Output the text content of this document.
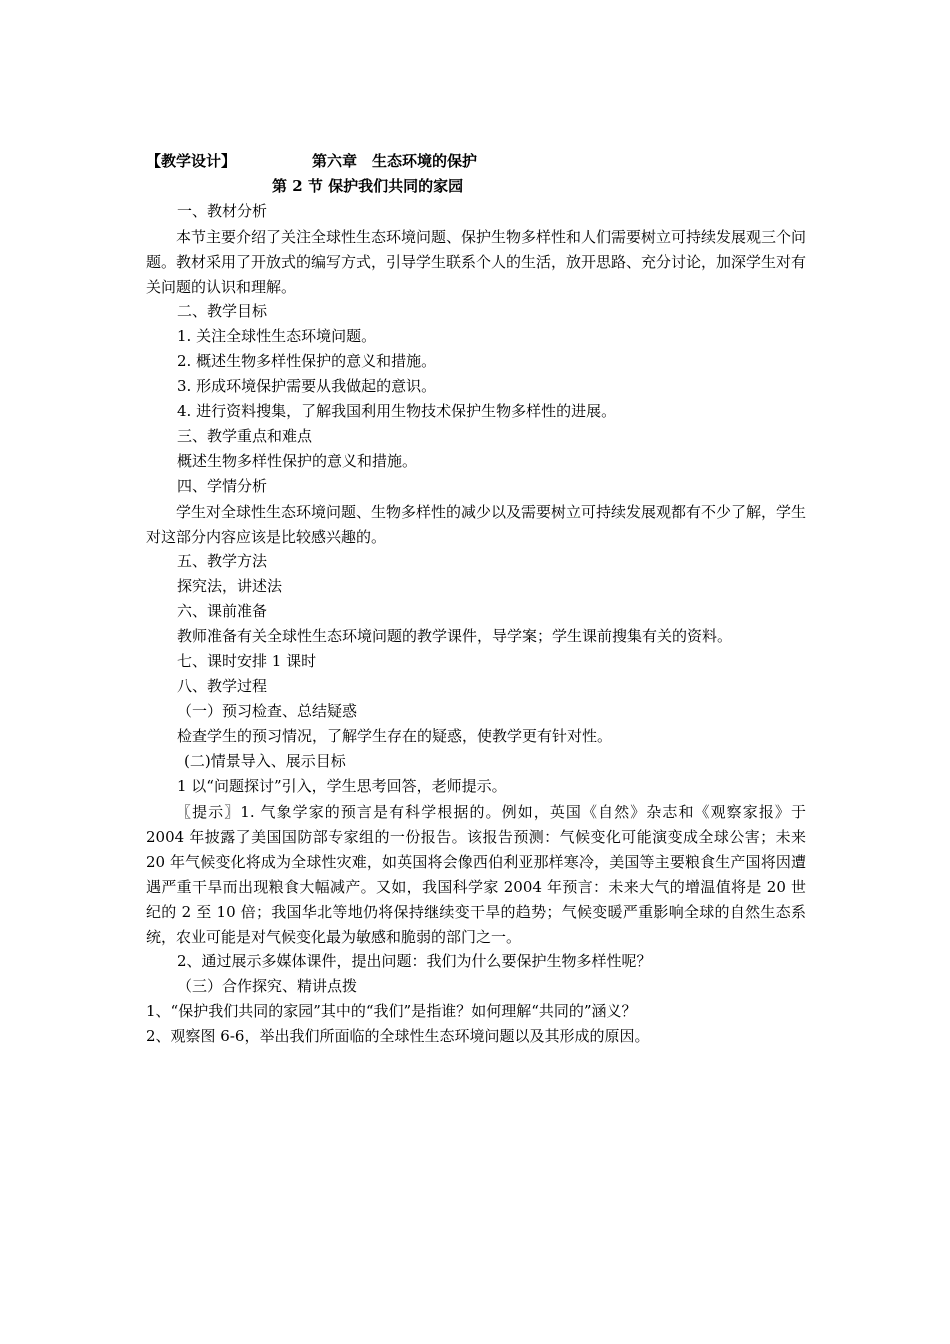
【教学设计】	第六章　生态环境的保护
第 2 节 保护我们共同的家园
一、教材分析
本节主要介绍了关注全球性生态环境问题、保护生物多样性和人们需要树立可持续发展观三个问题。教材采用了开放式的编写方式，引导学生联系个人的生活，放开思路、充分讨论，加深学生对有关问题的认识和理解。
二、教学目标
1. 关注全球性生态环境问题。
2. 概述生物多样性保护的意义和措施。
3. 形成环境保护需要从我做起的意识。
4. 进行资料搜集，了解我国利用生物技术保护生物多样性的进展。
三、教学重点和难点
概述生物多样性保护的意义和措施。
四、学情分析
学生对全球性生态环境问题、生物多样性的减少以及需要树立可持续发展观都有不少了解，学生对这部分内容应该是比较感兴趣的。
五、教学方法
探究法，讲述法
六、课前准备
教师准备有关全球性生态环境问题的教学课件，导学案；学生课前搜集有关的资料。
七、课时安排 1 课时
八、教学过程
（一）预习检查、总结疑惑
检查学生的预习情况，了解学生存在的疑惑，使教学更有针对性。
(二)情景导入、展示目标
1 以“问题探讨”引入，学生思考回答，老师提示。
〖提示〗1. 气象学家的预言是有科学根据的。例如，英国《自然》杂志和《观察家报》于 2004 年披露了美国国防部专家组的一份报告。该报告预测：气候变化可能演变成全球公害；未来 20 年气候变化将成为全球性灾难，如英国将会像西伯利亚那样寒冷，美国等主要粮食生产国将因遭遇严重干旱而出现粮食大幅减产。又如，我国科学家 2004 年预言：未来大气的增温值将是 20 世纪的 2 至 10 倍；我国华北等地仍将保持继续变干旱的趋势；气候变暖严重影响全球的自然生态系统，农业可能是对气候变化最为敏感和脆弱的部门之一。
2、通过展示多媒体课件，提出问题：我们为什么要保护生物多样性呢？
（三）合作探究、精讲点拨
1、“保护我们共同的家园”其中的“我们”是指谁？如何理解“共同的”涵义？
2、观察图 6-6，举出我们所面临的全球性生态环境问题以及其形成的原因。
